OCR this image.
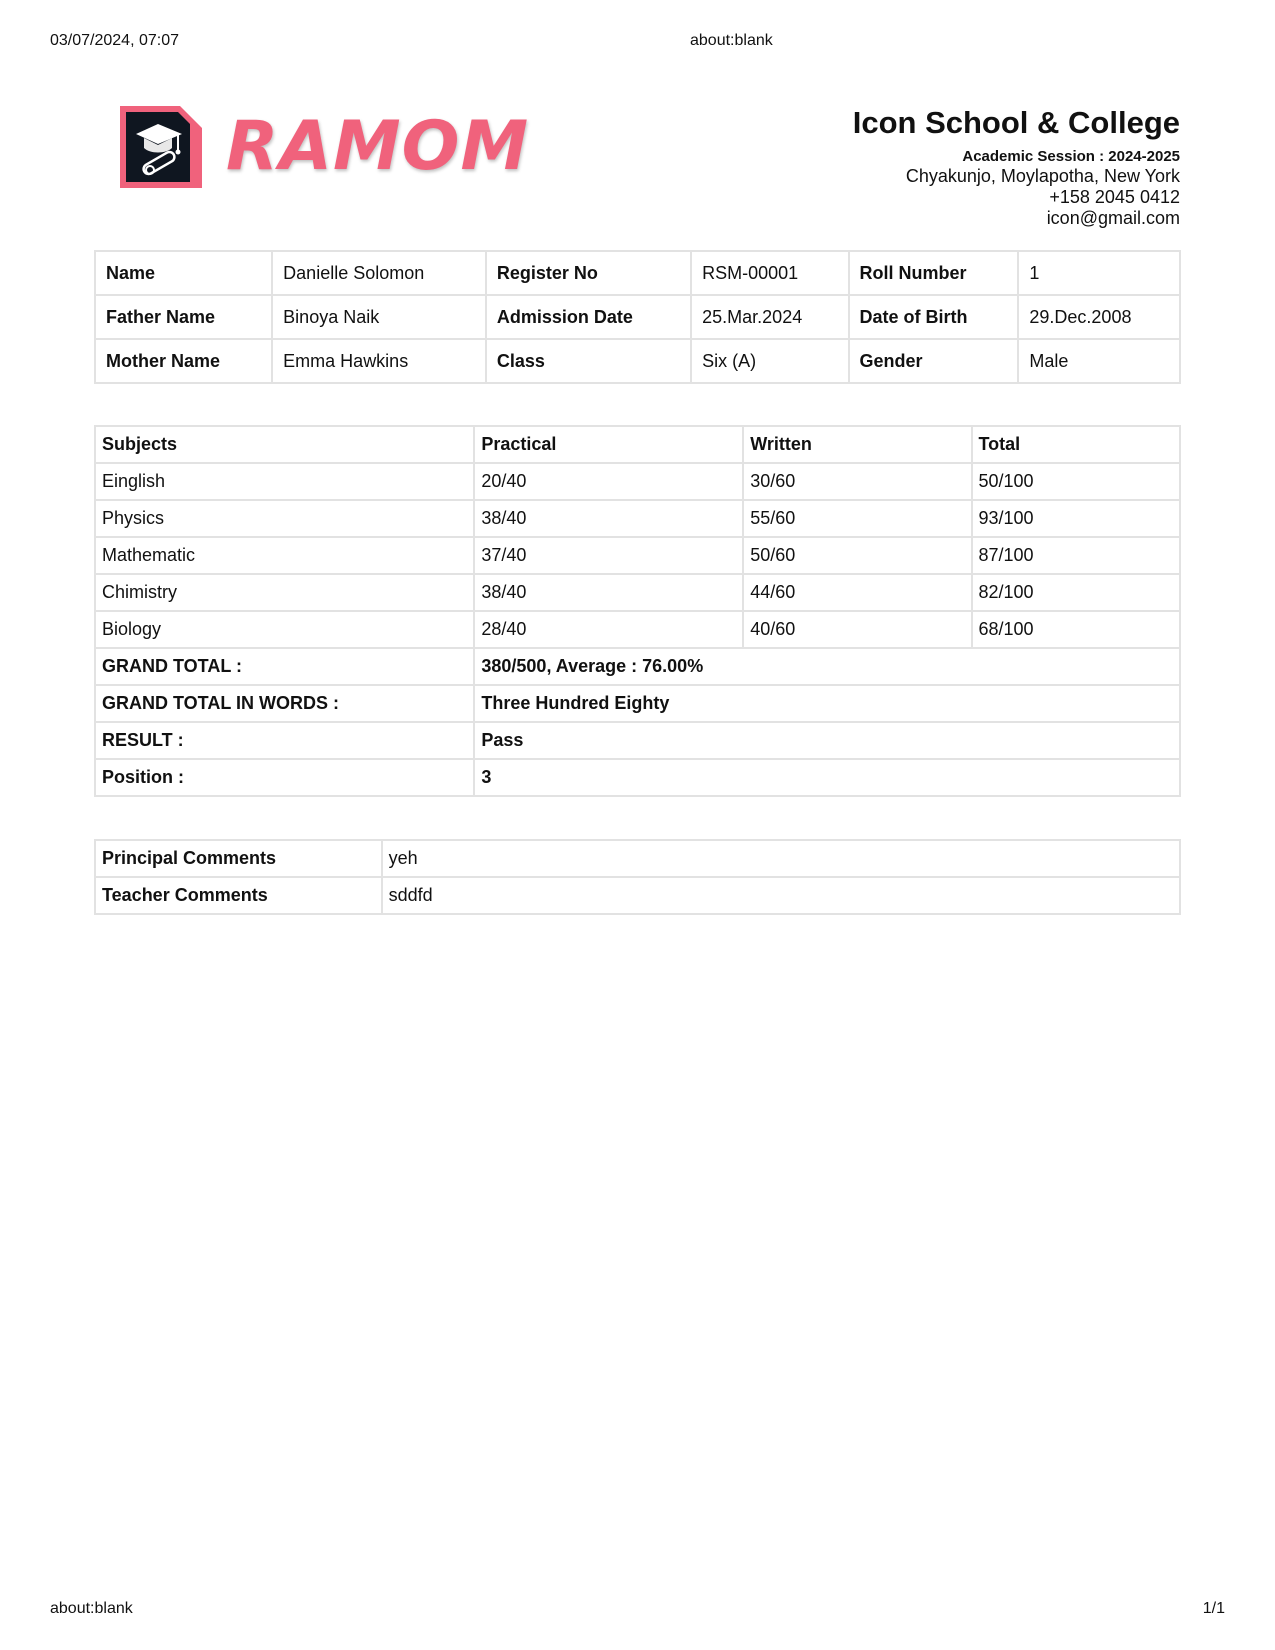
03/07/2024, 07:07	about:blank
RAMOM	Icon School & College
Academic Session : 2024-2025
Chyakunjo, Moylapotha, New York
+158 2045 0412
icon@gmail.com
Name	Danielle Solomon	Register No	RSM-00001	Roll Number	1
Father Name	Binoya Naik	Admission Date	25.Mar.2024	Date of Birth	29.Dec.2008
Mother Name	Emma Hawkins	Class	Six (A)	Gender	Male
Subjects	Practical	Written	Total
Einglish	20/40	30/60	50/100
Physics	38/40	55/60	93/100
Mathematic	37/40	50/60	87/100
Chimistry	38/40	44/60	82/100
Biology	28/40	40/60	68/100
GRAND TOTAL :	380/500, Average : 76.00%		
GRAND TOTAL IN WORDS :	Three Hundred Eighty		
RESULT :	Pass		
Position :	3		
Principal Comments	yeh
Teacher Comments	sddfd
about:blank	1/1
